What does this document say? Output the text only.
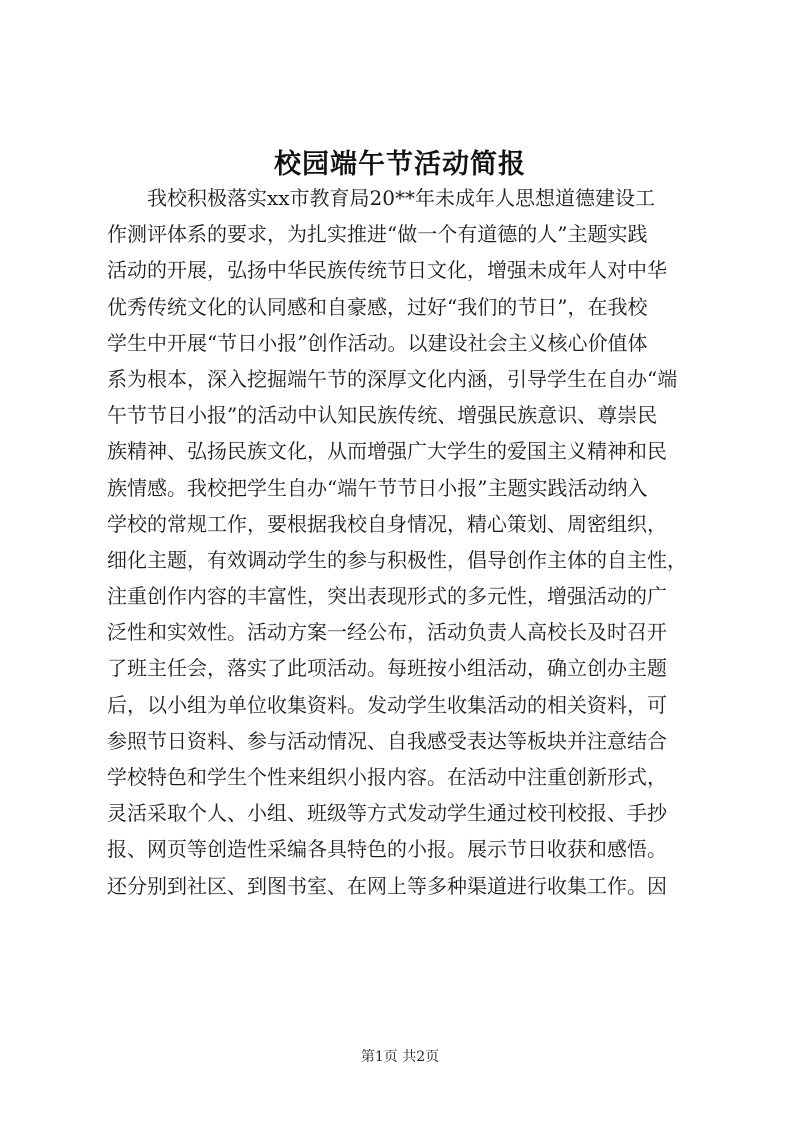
校园端午节活动简报
　　我校积极落实xx市教育局20**年未成年人思想道德建设工
作测评体系的要求，为扎实推进“做一个有道德的人”主题实践
活动的开展，弘扬中华民族传统节日文化，增强未成年人对中华
优秀传统文化的认同感和自豪感，过好“我们的节日”，在我校
学生中开展“节日小报”创作活动。以建设社会主义核心价值体
系为根本，深入挖掘端午节的深厚文化内涵，引导学生在自办“端
午节节日小报”的活动中认知民族传统、增强民族意识、尊崇民
族精神、弘扬民族文化，从而增强广大学生的爱国主义精神和民
族情感。我校把学生自办“端午节节日小报”主题实践活动纳入
学校的常规工作，要根据我校自身情况，精心策划、周密组织，
细化主题，有效调动学生的参与积极性，倡导创作主体的自主性，
注重创作内容的丰富性，突出表现形式的多元性，增强活动的广
泛性和实效性。活动方案一经公布，活动负责人高校长及时召开
了班主任会，落实了此项活动。每班按小组活动，确立创办主题
后，以小组为单位收集资料。发动学生收集活动的相关资料，可
参照节日资料、参与活动情况、自我感受表达等板块并注意结合
学校特色和学生个性来组织小报内容。在活动中注重创新形式，
灵活采取个人、小组、班级等方式发动学生通过校刊校报、手抄
报、网页等创造性采编各具特色的小报。展示节日收获和感悟。
还分别到社区、到图书室、在网上等多种渠道进行收集工作。因
第1页 共2页
